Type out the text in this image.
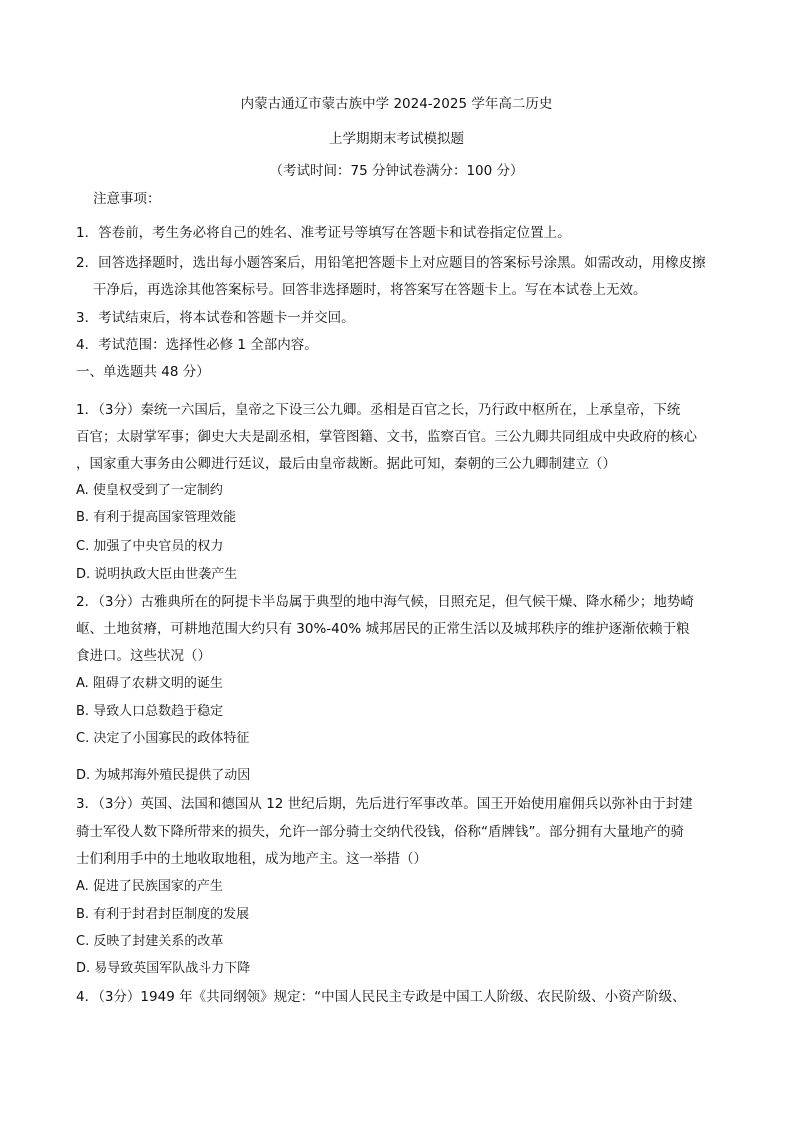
内蒙古通辽市蒙古族中学 2024-2025 学年高二历史
上学期期末考试模拟题
（考试时间：75 分钟试卷满分：100 分）
注意事项：
1．答卷前，考生务必将自己的姓名、准考证号等填写在答题卡和试卷指定位置上。
2．回答选择题时，选出每小题答案后，用铅笔把答题卡上对应题目的答案标号涂黑。如需改动，用橡皮擦
干净后，再选涂其他答案标号。回答非选择题时，将答案写在答题卡上。写在本试卷上无效。
3．考试结束后，将本试卷和答题卡一并交回。
4．考试范围：选择性必修 1 全部内容。
一、单选题共 48 分）
1．（3分）秦统一六国后，皇帝之下设三公九卿。丞相是百官之长，乃行政中枢所在，上承皇帝，下统
百官；太尉掌军事；御史大夫是副丞相，掌管图籍、文书，监察百官。三公九卿共同组成中央政府的核心
，国家重大事务由公卿进行廷议，最后由皇帝裁断。据此可知，秦朝的三公九卿制建立（）
A. 使皇权受到了一定制约
B. 有利于提高国家管理效能
C. 加强了中央官员的权力
D. 说明执政大臣由世袭产生
2．（3分）古雅典所在的阿提卡半岛属于典型的地中海气候，日照充足，但气候干燥、降水稀少；地势崎
岖、土地贫瘠，可耕地范围大约只有 30%-40% 城邦居民的正常生活以及城邦秩序的维护逐渐依赖于粮
食进口。这些状况（）
A. 阻碍了农耕文明的诞生
B. 导致人口总数趋于稳定
C. 决定了小国寡民的政体特征
D. 为城邦海外殖民提供了动因
3．（3分）英国、法国和德国从 12 世纪后期，先后进行军事改革。国王开始使用雇佣兵以弥补由于封建
骑士军役人数下降所带来的损失，允许一部分骑士交纳代役钱，俗称“盾牌钱”。部分拥有大量地产的骑
士们利用手中的土地收取地租，成为地产主。这一举措（）
A. 促进了民族国家的产生
B. 有利于封君封臣制度的发展
C. 反映了封建关系的改革
D. 易导致英国军队战斗力下降
4．（3分）1949 年《共同纲领》规定：“中国人民民主专政是中国工人阶级、农民阶级、小资产阶级、
